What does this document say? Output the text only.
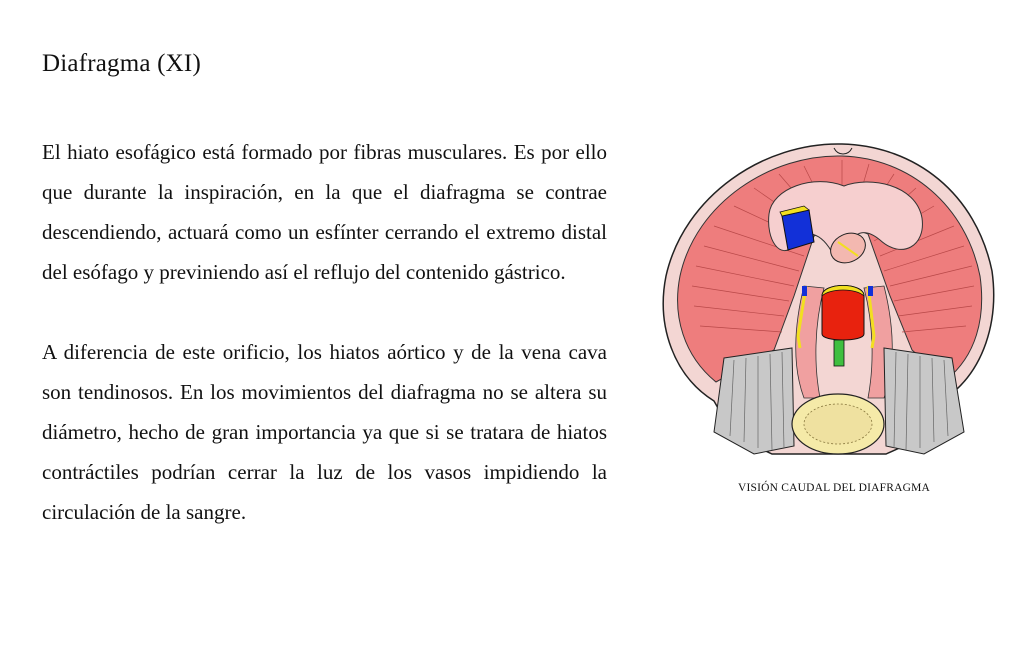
Diafragma (XI)

El hiato esofágico está formado por fibras musculares. Es por ello que durante la inspiración, en la que el diafragma se contrae descendiendo, actuará como un esfínter cerrando el extremo distal del esófago y previniendo así el reflujo del contenido gástrico.

A diferencia de este orificio, los hiatos aórtico y de la vena cava son tendinosos. En los movimientos del diafragma no se altera su diámetro, hecho de gran importancia ya que si se tratara de hiatos contráctiles podrían cerrar la luz de los vasos impidiendo la circulación de la sangre.

VISIÓN CAUDAL DEL DIAFRAGMA
